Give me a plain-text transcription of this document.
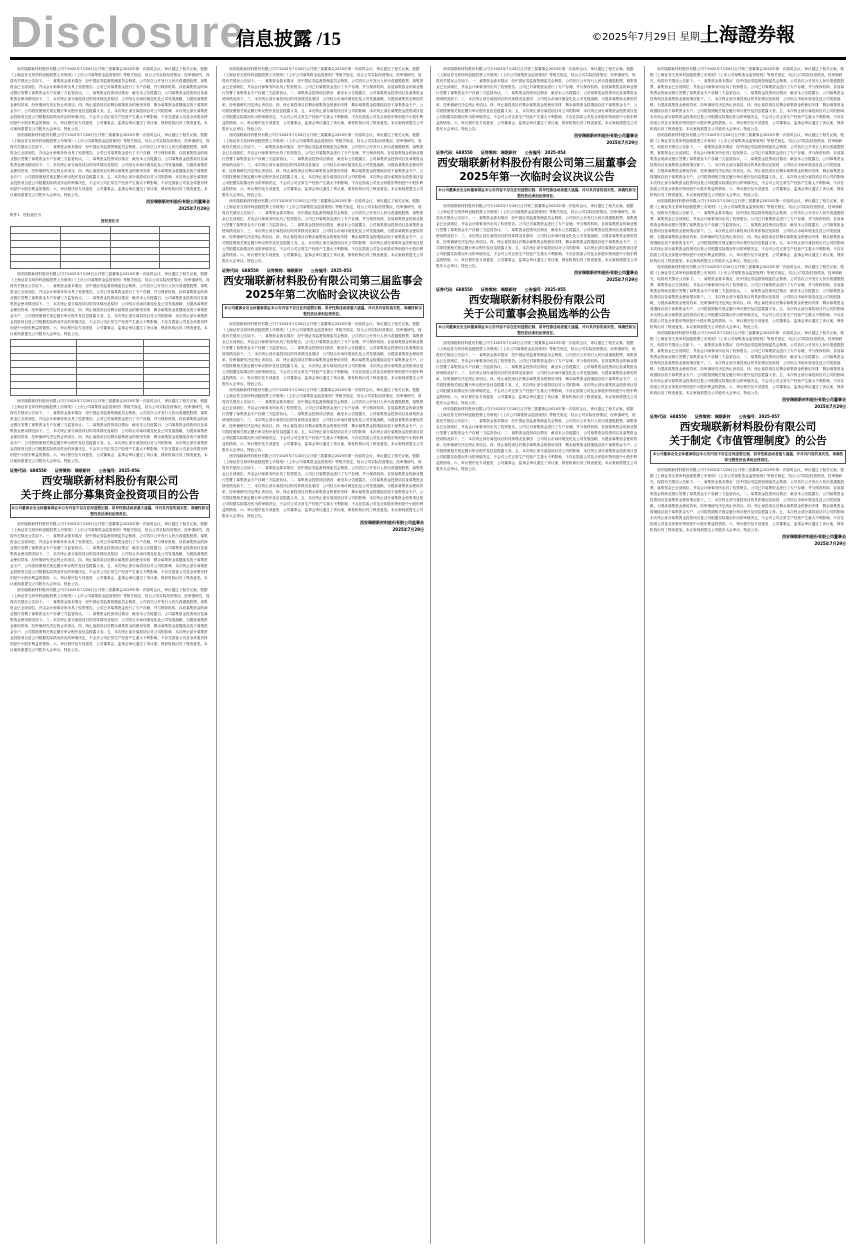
Disclosure
信息披露 /15	©2025年7月29日 星期二
上海證券報

西安瑞联新材料股份有限公司于2025年7月28日召开第三届董事会2025年第一次临时会议，审议通过了相关议案。根据《上海证券交易所科创板股票上市规则》《上市公司募集资金监管规则》等相关规定，结合公司实际经营情况，经审慎研究，现将有关情况公告如下。一、募集资金基本情况　经中国证券监督管理委员会核准，公司首次公开发行人民币普通股股票，募集资金已全部到位，并由会计师事务所出具了验资报告。公司已对募集资金进行了专户存储，并与保荐机构、存放募集资金的商业银行签署了募集资金专户存储三方监管协议。二、募集资金投资项目情况　截至本公告披露日，公司募集资金投资项目及募集资金使用情况如下。三、本次终止部分募投项目的具体情况及原因　公司结合市场环境变化及公司发展战略，为提高募集资金使用效率，经审慎研究决定终止该项目。四、终止募投项目后剩余募集资金的使用安排　剩余募集资金将继续存放于募集资金专户，公司将按照相关规定履行审议程序及信息披露义务。五、本次终止部分募投项目对公司的影响　本次终止部分募集资金投资项目是公司根据实际情况作出的审慎决定，不会对公司正常生产经营产生重大不利影响，不存在损害公司及全体股东特别是中小股东利益的情形。六、审议程序及专项意见　公司董事会、监事会审议通过了该议案，保荐机构出具了核查意见。本议案尚需提交公司股东大会审议。特此公告。

西安瑞联新材料股份有限公司于2025年7月28日召开第三届董事会2025年第一次临时会议，审议通过了相关议案。根据《上海证券交易所科创板股票上市规则》《上市公司募集资金监管规则》等相关规定，结合公司实际经营情况，经审慎研究，现将有关情况公告如下。一、募集资金基本情况　经中国证券监督管理委员会核准，公司首次公开发行人民币普通股股票，募集资金已全部到位，并由会计师事务所出具了验资报告。公司已对募集资金进行了专户存储，并与保荐机构、存放募集资金的商业银行签署了募集资金专户存储三方监管协议。二、募集资金投资项目情况　截至本公告披露日，公司募集资金投资项目及募集资金使用情况如下。三、本次终止部分募投项目的具体情况及原因　公司结合市场环境变化及公司发展战略，为提高募集资金使用效率，经审慎研究决定终止该项目。四、终止募投项目后剩余募集资金的使用安排　剩余募集资金将继续存放于募集资金专户，公司将按照相关规定履行审议程序及信息披露义务。五、本次终止部分募投项目对公司的影响　本次终止部分募集资金投资项目是公司根据实际情况作出的审慎决定，不会对公司正常生产经营产生重大不利影响，不存在损害公司及全体股东特别是中小股东利益的情形。六、审议程序及专项意见　公司董事会、监事会审议通过了该议案，保荐机构出具了核查意见。本议案尚需提交公司股东大会审议。特此公告。

西安瑞联新材料股份有限公司董事会
2025年7月29日
附件1：授权委托书
授权委托书

西安瑞联新材料股份有限公司于2025年7月28日召开第三届董事会2025年第一次临时会议，审议通过了相关议案。根据《上海证券交易所科创板股票上市规则》《上市公司募集资金监管规则》等相关规定，结合公司实际经营情况，经审慎研究，现将有关情况公告如下。一、募集资金基本情况　经中国证券监督管理委员会核准，公司首次公开发行人民币普通股股票，募集资金已全部到位，并由会计师事务所出具了验资报告。公司已对募集资金进行了专户存储，并与保荐机构、存放募集资金的商业银行签署了募集资金专户存储三方监管协议。二、募集资金投资项目情况　截至本公告披露日，公司募集资金投资项目及募集资金使用情况如下。三、本次终止部分募投项目的具体情况及原因　公司结合市场环境变化及公司发展战略，为提高募集资金使用效率，经审慎研究决定终止该项目。四、终止募投项目后剩余募集资金的使用安排　剩余募集资金将继续存放于募集资金专户，公司将按照相关规定履行审议程序及信息披露义务。五、本次终止部分募投项目对公司的影响　本次终止部分募集资金投资项目是公司根据实际情况作出的审慎决定，不会对公司正常生产经营产生重大不利影响，不存在损害公司及全体股东特别是中小股东利益的情形。六、审议程序及专项意见　公司董事会、监事会审议通过了该议案，保荐机构出具了核查意见。本议案尚需提交公司股东大会审议。特此公告。

西安瑞联新材料股份有限公司于2025年7月28日召开第三届董事会2025年第一次临时会议，审议通过了相关议案。根据《上海证券交易所科创板股票上市规则》《上市公司募集资金监管规则》等相关规定，结合公司实际经营情况，经审慎研究，现将有关情况公告如下。一、募集资金基本情况　经中国证券监督管理委员会核准，公司首次公开发行人民币普通股股票，募集资金已全部到位，并由会计师事务所出具了验资报告。公司已对募集资金进行了专户存储，并与保荐机构、存放募集资金的商业银行签署了募集资金专户存储三方监管协议。二、募集资金投资项目情况　截至本公告披露日，公司募集资金投资项目及募集资金使用情况如下。三、本次终止部分募投项目的具体情况及原因　公司结合市场环境变化及公司发展战略，为提高募集资金使用效率，经审慎研究决定终止该项目。四、终止募投项目后剩余募集资金的使用安排　剩余募集资金将继续存放于募集资金专户，公司将按照相关规定履行审议程序及信息披露义务。五、本次终止部分募投项目对公司的影响　本次终止部分募集资金投资项目是公司根据实际情况作出的审慎决定，不会对公司正常生产经营产生重大不利影响，不存在损害公司及全体股东特别是中小股东利益的情形。六、审议程序及专项意见　公司董事会、监事会审议通过了该议案，保荐机构出具了核查意见。本议案尚需提交公司股东大会审议。特此公告。

证券代码：688550　　证券简称：瑞联新材　　公告编号：2025-056
西安瑞联新材料股份有限公司
关于终止部分募集资金投资项目的公告
本公司董事会及全体董事保证本公告内容不存在任何虚假记载、误导性陈述或者重大遗漏，并对其内容的真实性、准确性和完整性依法承担法律责任。

西安瑞联新材料股份有限公司于2025年7月28日召开第三届董事会2025年第一次临时会议，审议通过了相关议案。根据《上海证券交易所科创板股票上市规则》《上市公司募集资金监管规则》等相关规定，结合公司实际经营情况，经审慎研究，现将有关情况公告如下。一、募集资金基本情况　经中国证券监督管理委员会核准，公司首次公开发行人民币普通股股票，募集资金已全部到位，并由会计师事务所出具了验资报告。公司已对募集资金进行了专户存储，并与保荐机构、存放募集资金的商业银行签署了募集资金专户存储三方监管协议。二、募集资金投资项目情况　截至本公告披露日，公司募集资金投资项目及募集资金使用情况如下。三、本次终止部分募投项目的具体情况及原因　公司结合市场环境变化及公司发展战略，为提高募集资金使用效率，经审慎研究决定终止该项目。四、终止募投项目后剩余募集资金的使用安排　剩余募集资金将继续存放于募集资金专户，公司将按照相关规定履行审议程序及信息披露义务。五、本次终止部分募投项目对公司的影响　本次终止部分募集资金投资项目是公司根据实际情况作出的审慎决定，不会对公司正常生产经营产生重大不利影响，不存在损害公司及全体股东特别是中小股东利益的情形。六、审议程序及专项意见　公司董事会、监事会审议通过了该议案，保荐机构出具了核查意见。本议案尚需提交公司股东大会审议。特此公告。

西安瑞联新材料股份有限公司于2025年7月28日召开第三届董事会2025年第一次临时会议，审议通过了相关议案。根据《上海证券交易所科创板股票上市规则》《上市公司募集资金监管规则》等相关规定，结合公司实际经营情况，经审慎研究，现将有关情况公告如下。一、募集资金基本情况　经中国证券监督管理委员会核准，公司首次公开发行人民币普通股股票，募集资金已全部到位，并由会计师事务所出具了验资报告。公司已对募集资金进行了专户存储，并与保荐机构、存放募集资金的商业银行签署了募集资金专户存储三方监管协议。二、募集资金投资项目情况　截至本公告披露日，公司募集资金投资项目及募集资金使用情况如下。三、本次终止部分募投项目的具体情况及原因　公司结合市场环境变化及公司发展战略，为提高募集资金使用效率，经审慎研究决定终止该项目。四、终止募投项目后剩余募集资金的使用安排　剩余募集资金将继续存放于募集资金专户，公司将按照相关规定履行审议程序及信息披露义务。五、本次终止部分募投项目对公司的影响　本次终止部分募集资金投资项目是公司根据实际情况作出的审慎决定，不会对公司正常生产经营产生重大不利影响，不存在损害公司及全体股东特别是中小股东利益的情形。六、审议程序及专项意见　公司董事会、监事会审议通过了该议案，保荐机构出具了核查意见。本议案尚需提交公司股东大会审议。特此公告。

西安瑞联新材料股份有限公司于2025年7月28日召开第三届董事会2025年第一次临时会议，审议通过了相关议案。根据《上海证券交易所科创板股票上市规则》《上市公司募集资金监管规则》等相关规定，结合公司实际经营情况，经审慎研究，现将有关情况公告如下。一、募集资金基本情况　经中国证券监督管理委员会核准，公司首次公开发行人民币普通股股票，募集资金已全部到位，并由会计师事务所出具了验资报告。公司已对募集资金进行了专户存储，并与保荐机构、存放募集资金的商业银行签署了募集资金专户存储三方监管协议。二、募集资金投资项目情况　截至本公告披露日，公司募集资金投资项目及募集资金使用情况如下。三、本次终止部分募投项目的具体情况及原因　公司结合市场环境变化及公司发展战略，为提高募集资金使用效率，经审慎研究决定终止该项目。四、终止募投项目后剩余募集资金的使用安排　剩余募集资金将继续存放于募集资金专户，公司将按照相关规定履行审议程序及信息披露义务。五、本次终止部分募投项目对公司的影响　本次终止部分募集资金投资项目是公司根据实际情况作出的审慎决定，不会对公司正常生产经营产生重大不利影响，不存在损害公司及全体股东特别是中小股东利益的情形。六、审议程序及专项意见　公司董事会、监事会审议通过了该议案，保荐机构出具了核查意见。本议案尚需提交公司股东大会审议。特此公告。

西安瑞联新材料股份有限公司于2025年7月28日召开第三届董事会2025年第一次临时会议，审议通过了相关议案。根据《上海证券交易所科创板股票上市规则》《上市公司募集资金监管规则》等相关规定，结合公司实际经营情况，经审慎研究，现将有关情况公告如下。一、募集资金基本情况　经中国证券监督管理委员会核准，公司首次公开发行人民币普通股股票，募集资金已全部到位，并由会计师事务所出具了验资报告。公司已对募集资金进行了专户存储，并与保荐机构、存放募集资金的商业银行签署了募集资金专户存储三方监管协议。二、募集资金投资项目情况　截至本公告披露日，公司募集资金投资项目及募集资金使用情况如下。三、本次终止部分募投项目的具体情况及原因　公司结合市场环境变化及公司发展战略，为提高募集资金使用效率，经审慎研究决定终止该项目。四、终止募投项目后剩余募集资金的使用安排　剩余募集资金将继续存放于募集资金专户，公司将按照相关规定履行审议程序及信息披露义务。五、本次终止部分募投项目对公司的影响　本次终止部分募集资金投资项目是公司根据实际情况作出的审慎决定，不会对公司正常生产经营产生重大不利影响，不存在损害公司及全体股东特别是中小股东利益的情形。六、审议程序及专项意见　公司董事会、监事会审议通过了该议案，保荐机构出具了核查意见。本议案尚需提交公司股东大会审议。特此公告。

西安瑞联新材料股份有限公司于2025年7月28日召开第三届董事会2025年第一次临时会议，审议通过了相关议案。根据《上海证券交易所科创板股票上市规则》《上市公司募集资金监管规则》等相关规定，结合公司实际经营情况，经审慎研究，现将有关情况公告如下。一、募集资金基本情况　经中国证券监督管理委员会核准，公司首次公开发行人民币普通股股票，募集资金已全部到位，并由会计师事务所出具了验资报告。公司已对募集资金进行了专户存储，并与保荐机构、存放募集资金的商业银行签署了募集资金专户存储三方监管协议。二、募集资金投资项目情况　截至本公告披露日，公司募集资金投资项目及募集资金使用情况如下。三、本次终止部分募投项目的具体情况及原因　公司结合市场环境变化及公司发展战略，为提高募集资金使用效率，经审慎研究决定终止该项目。四、终止募投项目后剩余募集资金的使用安排　剩余募集资金将继续存放于募集资金专户，公司将按照相关规定履行审议程序及信息披露义务。五、本次终止部分募投项目对公司的影响　本次终止部分募集资金投资项目是公司根据实际情况作出的审慎决定，不会对公司正常生产经营产生重大不利影响，不存在损害公司及全体股东特别是中小股东利益的情形。六、审议程序及专项意见　公司董事会、监事会审议通过了该议案，保荐机构出具了核查意见。本议案尚需提交公司股东大会审议。特此公告。

证券代码：688550　　证券简称：瑞联新材　　公告编号：2025-053
西安瑞联新材料股份有限公司第三届监事会
2025年第二次临时会议决议公告
本公司董事会及全体董事保证本公告内容不存在任何虚假记载、误导性陈述或者重大遗漏，并对其内容的真实性、准确性和完整性依法承担法律责任。

西安瑞联新材料股份有限公司于2025年7月28日召开第三届董事会2025年第一次临时会议，审议通过了相关议案。根据《上海证券交易所科创板股票上市规则》《上市公司募集资金监管规则》等相关规定，结合公司实际经营情况，经审慎研究，现将有关情况公告如下。一、募集资金基本情况　经中国证券监督管理委员会核准，公司首次公开发行人民币普通股股票，募集资金已全部到位，并由会计师事务所出具了验资报告。公司已对募集资金进行了专户存储，并与保荐机构、存放募集资金的商业银行签署了募集资金专户存储三方监管协议。二、募集资金投资项目情况　截至本公告披露日，公司募集资金投资项目及募集资金使用情况如下。三、本次终止部分募投项目的具体情况及原因　公司结合市场环境变化及公司发展战略，为提高募集资金使用效率，经审慎研究决定终止该项目。四、终止募投项目后剩余募集资金的使用安排　剩余募集资金将继续存放于募集资金专户，公司将按照相关规定履行审议程序及信息披露义务。五、本次终止部分募投项目对公司的影响　本次终止部分募集资金投资项目是公司根据实际情况作出的审慎决定，不会对公司正常生产经营产生重大不利影响，不存在损害公司及全体股东特别是中小股东利益的情形。六、审议程序及专项意见　公司董事会、监事会审议通过了该议案，保荐机构出具了核查意见。本议案尚需提交公司股东大会审议。特此公告。

西安瑞联新材料股份有限公司于2025年7月28日召开第三届董事会2025年第一次临时会议，审议通过了相关议案。根据《上海证券交易所科创板股票上市规则》《上市公司募集资金监管规则》等相关规定，结合公司实际经营情况，经审慎研究，现将有关情况公告如下。一、募集资金基本情况　经中国证券监督管理委员会核准，公司首次公开发行人民币普通股股票，募集资金已全部到位，并由会计师事务所出具了验资报告。公司已对募集资金进行了专户存储，并与保荐机构、存放募集资金的商业银行签署了募集资金专户存储三方监管协议。二、募集资金投资项目情况　截至本公告披露日，公司募集资金投资项目及募集资金使用情况如下。三、本次终止部分募投项目的具体情况及原因　公司结合市场环境变化及公司发展战略，为提高募集资金使用效率，经审慎研究决定终止该项目。四、终止募投项目后剩余募集资金的使用安排　剩余募集资金将继续存放于募集资金专户，公司将按照相关规定履行审议程序及信息披露义务。五、本次终止部分募投项目对公司的影响　本次终止部分募集资金投资项目是公司根据实际情况作出的审慎决定，不会对公司正常生产经营产生重大不利影响，不存在损害公司及全体股东特别是中小股东利益的情形。六、审议程序及专项意见　公司董事会、监事会审议通过了该议案，保荐机构出具了核查意见。本议案尚需提交公司股东大会审议。特此公告。

西安瑞联新材料股份有限公司于2025年7月28日召开第三届董事会2025年第一次临时会议，审议通过了相关议案。根据《上海证券交易所科创板股票上市规则》《上市公司募集资金监管规则》等相关规定，结合公司实际经营情况，经审慎研究，现将有关情况公告如下。一、募集资金基本情况　经中国证券监督管理委员会核准，公司首次公开发行人民币普通股股票，募集资金已全部到位，并由会计师事务所出具了验资报告。公司已对募集资金进行了专户存储，并与保荐机构、存放募集资金的商业银行签署了募集资金专户存储三方监管协议。二、募集资金投资项目情况　截至本公告披露日，公司募集资金投资项目及募集资金使用情况如下。三、本次终止部分募投项目的具体情况及原因　公司结合市场环境变化及公司发展战略，为提高募集资金使用效率，经审慎研究决定终止该项目。四、终止募投项目后剩余募集资金的使用安排　剩余募集资金将继续存放于募集资金专户，公司将按照相关规定履行审议程序及信息披露义务。五、本次终止部分募投项目对公司的影响　本次终止部分募集资金投资项目是公司根据实际情况作出的审慎决定，不会对公司正常生产经营产生重大不利影响，不存在损害公司及全体股东特别是中小股东利益的情形。六、审议程序及专项意见　公司董事会、监事会审议通过了该议案，保荐机构出具了核查意见。本议案尚需提交公司股东大会审议。特此公告。

西安瑞联新材料股份有限公司监事会
2025年7月29日

西安瑞联新材料股份有限公司于2025年7月28日召开第三届董事会2025年第一次临时会议，审议通过了相关议案。根据《上海证券交易所科创板股票上市规则》《上市公司募集资金监管规则》等相关规定，结合公司实际经营情况，经审慎研究，现将有关情况公告如下。一、募集资金基本情况　经中国证券监督管理委员会核准，公司首次公开发行人民币普通股股票，募集资金已全部到位，并由会计师事务所出具了验资报告。公司已对募集资金进行了专户存储，并与保荐机构、存放募集资金的商业银行签署了募集资金专户存储三方监管协议。二、募集资金投资项目情况　截至本公告披露日，公司募集资金投资项目及募集资金使用情况如下。三、本次终止部分募投项目的具体情况及原因　公司结合市场环境变化及公司发展战略，为提高募集资金使用效率，经审慎研究决定终止该项目。四、终止募投项目后剩余募集资金的使用安排　剩余募集资金将继续存放于募集资金专户，公司将按照相关规定履行审议程序及信息披露义务。五、本次终止部分募投项目对公司的影响　本次终止部分募集资金投资项目是公司根据实际情况作出的审慎决定，不会对公司正常生产经营产生重大不利影响，不存在损害公司及全体股东特别是中小股东利益的情形。六、审议程序及专项意见　公司董事会、监事会审议通过了该议案，保荐机构出具了核查意见。本议案尚需提交公司股东大会审议。特此公告。

西安瑞联新材料股份有限公司董事会
2025年7月29日
证券代码：688550　　证券简称：瑞联新材　　公告编号：2025-054
西安瑞联新材料股份有限公司第三届董事会
2025年第一次临时会议决议公告
本公司董事会及全体董事保证本公告内容不存在任何虚假记载、误导性陈述或者重大遗漏，并对其内容的真实性、准确性和完整性依法承担法律责任。

西安瑞联新材料股份有限公司于2025年7月28日召开第三届董事会2025年第一次临时会议，审议通过了相关议案。根据《上海证券交易所科创板股票上市规则》《上市公司募集资金监管规则》等相关规定，结合公司实际经营情况，经审慎研究，现将有关情况公告如下。一、募集资金基本情况　经中国证券监督管理委员会核准，公司首次公开发行人民币普通股股票，募集资金已全部到位，并由会计师事务所出具了验资报告。公司已对募集资金进行了专户存储，并与保荐机构、存放募集资金的商业银行签署了募集资金专户存储三方监管协议。二、募集资金投资项目情况　截至本公告披露日，公司募集资金投资项目及募集资金使用情况如下。三、本次终止部分募投项目的具体情况及原因　公司结合市场环境变化及公司发展战略，为提高募集资金使用效率，经审慎研究决定终止该项目。四、终止募投项目后剩余募集资金的使用安排　剩余募集资金将继续存放于募集资金专户，公司将按照相关规定履行审议程序及信息披露义务。五、本次终止部分募投项目对公司的影响　本次终止部分募集资金投资项目是公司根据实际情况作出的审慎决定，不会对公司正常生产经营产生重大不利影响，不存在损害公司及全体股东特别是中小股东利益的情形。六、审议程序及专项意见　公司董事会、监事会审议通过了该议案，保荐机构出具了核查意见。本议案尚需提交公司股东大会审议。特此公告。

西安瑞联新材料股份有限公司董事会
2025年7月29日
证券代码：688550　　证券简称：瑞联新材　　公告编号：2025-055
西安瑞联新材料股份有限公司
关于公司董事会换届选举的公告
本公司董事会及全体董事保证本公告内容不存在任何虚假记载、误导性陈述或者重大遗漏，并对其内容的真实性、准确性和完整性依法承担法律责任。

西安瑞联新材料股份有限公司于2025年7月28日召开第三届董事会2025年第一次临时会议，审议通过了相关议案。根据《上海证券交易所科创板股票上市规则》《上市公司募集资金监管规则》等相关规定，结合公司实际经营情况，经审慎研究，现将有关情况公告如下。一、募集资金基本情况　经中国证券监督管理委员会核准，公司首次公开发行人民币普通股股票，募集资金已全部到位，并由会计师事务所出具了验资报告。公司已对募集资金进行了专户存储，并与保荐机构、存放募集资金的商业银行签署了募集资金专户存储三方监管协议。二、募集资金投资项目情况　截至本公告披露日，公司募集资金投资项目及募集资金使用情况如下。三、本次终止部分募投项目的具体情况及原因　公司结合市场环境变化及公司发展战略，为提高募集资金使用效率，经审慎研究决定终止该项目。四、终止募投项目后剩余募集资金的使用安排　剩余募集资金将继续存放于募集资金专户，公司将按照相关规定履行审议程序及信息披露义务。五、本次终止部分募投项目对公司的影响　本次终止部分募集资金投资项目是公司根据实际情况作出的审慎决定，不会对公司正常生产经营产生重大不利影响，不存在损害公司及全体股东特别是中小股东利益的情形。六、审议程序及专项意见　公司董事会、监事会审议通过了该议案，保荐机构出具了核查意见。本议案尚需提交公司股东大会审议。特此公告。

西安瑞联新材料股份有限公司于2025年7月28日召开第三届董事会2025年第一次临时会议，审议通过了相关议案。根据《上海证券交易所科创板股票上市规则》《上市公司募集资金监管规则》等相关规定，结合公司实际经营情况，经审慎研究，现将有关情况公告如下。一、募集资金基本情况　经中国证券监督管理委员会核准，公司首次公开发行人民币普通股股票，募集资金已全部到位，并由会计师事务所出具了验资报告。公司已对募集资金进行了专户存储，并与保荐机构、存放募集资金的商业银行签署了募集资金专户存储三方监管协议。二、募集资金投资项目情况　截至本公告披露日，公司募集资金投资项目及募集资金使用情况如下。三、本次终止部分募投项目的具体情况及原因　公司结合市场环境变化及公司发展战略，为提高募集资金使用效率，经审慎研究决定终止该项目。四、终止募投项目后剩余募集资金的使用安排　剩余募集资金将继续存放于募集资金专户，公司将按照相关规定履行审议程序及信息披露义务。五、本次终止部分募投项目对公司的影响　本次终止部分募集资金投资项目是公司根据实际情况作出的审慎决定，不会对公司正常生产经营产生重大不利影响，不存在损害公司及全体股东特别是中小股东利益的情形。六、审议程序及专项意见　公司董事会、监事会审议通过了该议案，保荐机构出具了核查意见。本议案尚需提交公司股东大会审议。特此公告。

西安瑞联新材料股份有限公司于2025年7月28日召开第三届董事会2025年第一次临时会议，审议通过了相关议案。根据《上海证券交易所科创板股票上市规则》《上市公司募集资金监管规则》等相关规定，结合公司实际经营情况，经审慎研究，现将有关情况公告如下。一、募集资金基本情况　经中国证券监督管理委员会核准，公司首次公开发行人民币普通股股票，募集资金已全部到位，并由会计师事务所出具了验资报告。公司已对募集资金进行了专户存储，并与保荐机构、存放募集资金的商业银行签署了募集资金专户存储三方监管协议。二、募集资金投资项目情况　截至本公告披露日，公司募集资金投资项目及募集资金使用情况如下。三、本次终止部分募投项目的具体情况及原因　公司结合市场环境变化及公司发展战略，为提高募集资金使用效率，经审慎研究决定终止该项目。四、终止募投项目后剩余募集资金的使用安排　剩余募集资金将继续存放于募集资金专户，公司将按照相关规定履行审议程序及信息披露义务。五、本次终止部分募投项目对公司的影响　本次终止部分募集资金投资项目是公司根据实际情况作出的审慎决定，不会对公司正常生产经营产生重大不利影响，不存在损害公司及全体股东特别是中小股东利益的情形。六、审议程序及专项意见　公司董事会、监事会审议通过了该议案，保荐机构出具了核查意见。本议案尚需提交公司股东大会审议。特此公告。

西安瑞联新材料股份有限公司于2025年7月28日召开第三届董事会2025年第一次临时会议，审议通过了相关议案。根据《上海证券交易所科创板股票上市规则》《上市公司募集资金监管规则》等相关规定，结合公司实际经营情况，经审慎研究，现将有关情况公告如下。一、募集资金基本情况　经中国证券监督管理委员会核准，公司首次公开发行人民币普通股股票，募集资金已全部到位，并由会计师事务所出具了验资报告。公司已对募集资金进行了专户存储，并与保荐机构、存放募集资金的商业银行签署了募集资金专户存储三方监管协议。二、募集资金投资项目情况　截至本公告披露日，公司募集资金投资项目及募集资金使用情况如下。三、本次终止部分募投项目的具体情况及原因　公司结合市场环境变化及公司发展战略，为提高募集资金使用效率，经审慎研究决定终止该项目。四、终止募投项目后剩余募集资金的使用安排　剩余募集资金将继续存放于募集资金专户，公司将按照相关规定履行审议程序及信息披露义务。五、本次终止部分募投项目对公司的影响　本次终止部分募集资金投资项目是公司根据实际情况作出的审慎决定，不会对公司正常生产经营产生重大不利影响，不存在损害公司及全体股东特别是中小股东利益的情形。六、审议程序及专项意见　公司董事会、监事会审议通过了该议案，保荐机构出具了核查意见。本议案尚需提交公司股东大会审议。特此公告。

西安瑞联新材料股份有限公司于2025年7月28日召开第三届董事会2025年第一次临时会议，审议通过了相关议案。根据《上海证券交易所科创板股票上市规则》《上市公司募集资金监管规则》等相关规定，结合公司实际经营情况，经审慎研究，现将有关情况公告如下。一、募集资金基本情况　经中国证券监督管理委员会核准，公司首次公开发行人民币普通股股票，募集资金已全部到位，并由会计师事务所出具了验资报告。公司已对募集资金进行了专户存储，并与保荐机构、存放募集资金的商业银行签署了募集资金专户存储三方监管协议。二、募集资金投资项目情况　截至本公告披露日，公司募集资金投资项目及募集资金使用情况如下。三、本次终止部分募投项目的具体情况及原因　公司结合市场环境变化及公司发展战略，为提高募集资金使用效率，经审慎研究决定终止该项目。四、终止募投项目后剩余募集资金的使用安排　剩余募集资金将继续存放于募集资金专户，公司将按照相关规定履行审议程序及信息披露义务。五、本次终止部分募投项目对公司的影响　本次终止部分募集资金投资项目是公司根据实际情况作出的审慎决定，不会对公司正常生产经营产生重大不利影响，不存在损害公司及全体股东特别是中小股东利益的情形。六、审议程序及专项意见　公司董事会、监事会审议通过了该议案，保荐机构出具了核查意见。本议案尚需提交公司股东大会审议。特此公告。

西安瑞联新材料股份有限公司于2025年7月28日召开第三届董事会2025年第一次临时会议，审议通过了相关议案。根据《上海证券交易所科创板股票上市规则》《上市公司募集资金监管规则》等相关规定，结合公司实际经营情况，经审慎研究，现将有关情况公告如下。一、募集资金基本情况　经中国证券监督管理委员会核准，公司首次公开发行人民币普通股股票，募集资金已全部到位，并由会计师事务所出具了验资报告。公司已对募集资金进行了专户存储，并与保荐机构、存放募集资金的商业银行签署了募集资金专户存储三方监管协议。二、募集资金投资项目情况　截至本公告披露日，公司募集资金投资项目及募集资金使用情况如下。三、本次终止部分募投项目的具体情况及原因　公司结合市场环境变化及公司发展战略，为提高募集资金使用效率，经审慎研究决定终止该项目。四、终止募投项目后剩余募集资金的使用安排　剩余募集资金将继续存放于募集资金专户，公司将按照相关规定履行审议程序及信息披露义务。五、本次终止部分募投项目对公司的影响　本次终止部分募集资金投资项目是公司根据实际情况作出的审慎决定，不会对公司正常生产经营产生重大不利影响，不存在损害公司及全体股东特别是中小股东利益的情形。六、审议程序及专项意见　公司董事会、监事会审议通过了该议案，保荐机构出具了核查意见。本议案尚需提交公司股东大会审议。特此公告。

西安瑞联新材料股份有限公司于2025年7月28日召开第三届董事会2025年第一次临时会议，审议通过了相关议案。根据《上海证券交易所科创板股票上市规则》《上市公司募集资金监管规则》等相关规定，结合公司实际经营情况，经审慎研究，现将有关情况公告如下。一、募集资金基本情况　经中国证券监督管理委员会核准，公司首次公开发行人民币普通股股票，募集资金已全部到位，并由会计师事务所出具了验资报告。公司已对募集资金进行了专户存储，并与保荐机构、存放募集资金的商业银行签署了募集资金专户存储三方监管协议。二、募集资金投资项目情况　截至本公告披露日，公司募集资金投资项目及募集资金使用情况如下。三、本次终止部分募投项目的具体情况及原因　公司结合市场环境变化及公司发展战略，为提高募集资金使用效率，经审慎研究决定终止该项目。四、终止募投项目后剩余募集资金的使用安排　剩余募集资金将继续存放于募集资金专户，公司将按照相关规定履行审议程序及信息披露义务。五、本次终止部分募投项目对公司的影响　本次终止部分募集资金投资项目是公司根据实际情况作出的审慎决定，不会对公司正常生产经营产生重大不利影响，不存在损害公司及全体股东特别是中小股东利益的情形。六、审议程序及专项意见　公司董事会、监事会审议通过了该议案，保荐机构出具了核查意见。本议案尚需提交公司股东大会审议。特此公告。

西安瑞联新材料股份有限公司董事会
2025年7月29日
证券代码：688550　　证券简称：瑞联新材　　公告编号：2025-057
西安瑞联新材料股份有限公司
关于制定《市值管理制度》的公告
本公司董事会及全体董事保证本公告内容不存在任何虚假记载、误导性陈述或者重大遗漏，并对其内容的真实性、准确性和完整性依法承担法律责任。

西安瑞联新材料股份有限公司于2025年7月28日召开第三届董事会2025年第一次临时会议，审议通过了相关议案。根据《上海证券交易所科创板股票上市规则》《上市公司募集资金监管规则》等相关规定，结合公司实际经营情况，经审慎研究，现将有关情况公告如下。一、募集资金基本情况　经中国证券监督管理委员会核准，公司首次公开发行人民币普通股股票，募集资金已全部到位，并由会计师事务所出具了验资报告。公司已对募集资金进行了专户存储，并与保荐机构、存放募集资金的商业银行签署了募集资金专户存储三方监管协议。二、募集资金投资项目情况　截至本公告披露日，公司募集资金投资项目及募集资金使用情况如下。三、本次终止部分募投项目的具体情况及原因　公司结合市场环境变化及公司发展战略，为提高募集资金使用效率，经审慎研究决定终止该项目。四、终止募投项目后剩余募集资金的使用安排　剩余募集资金将继续存放于募集资金专户，公司将按照相关规定履行审议程序及信息披露义务。五、本次终止部分募投项目对公司的影响　本次终止部分募集资金投资项目是公司根据实际情况作出的审慎决定，不会对公司正常生产经营产生重大不利影响，不存在损害公司及全体股东特别是中小股东利益的情形。六、审议程序及专项意见　公司董事会、监事会审议通过了该议案，保荐机构出具了核查意见。本议案尚需提交公司股东大会审议。特此公告。

西安瑞联新材料股份有限公司董事会
2025年7月29日
